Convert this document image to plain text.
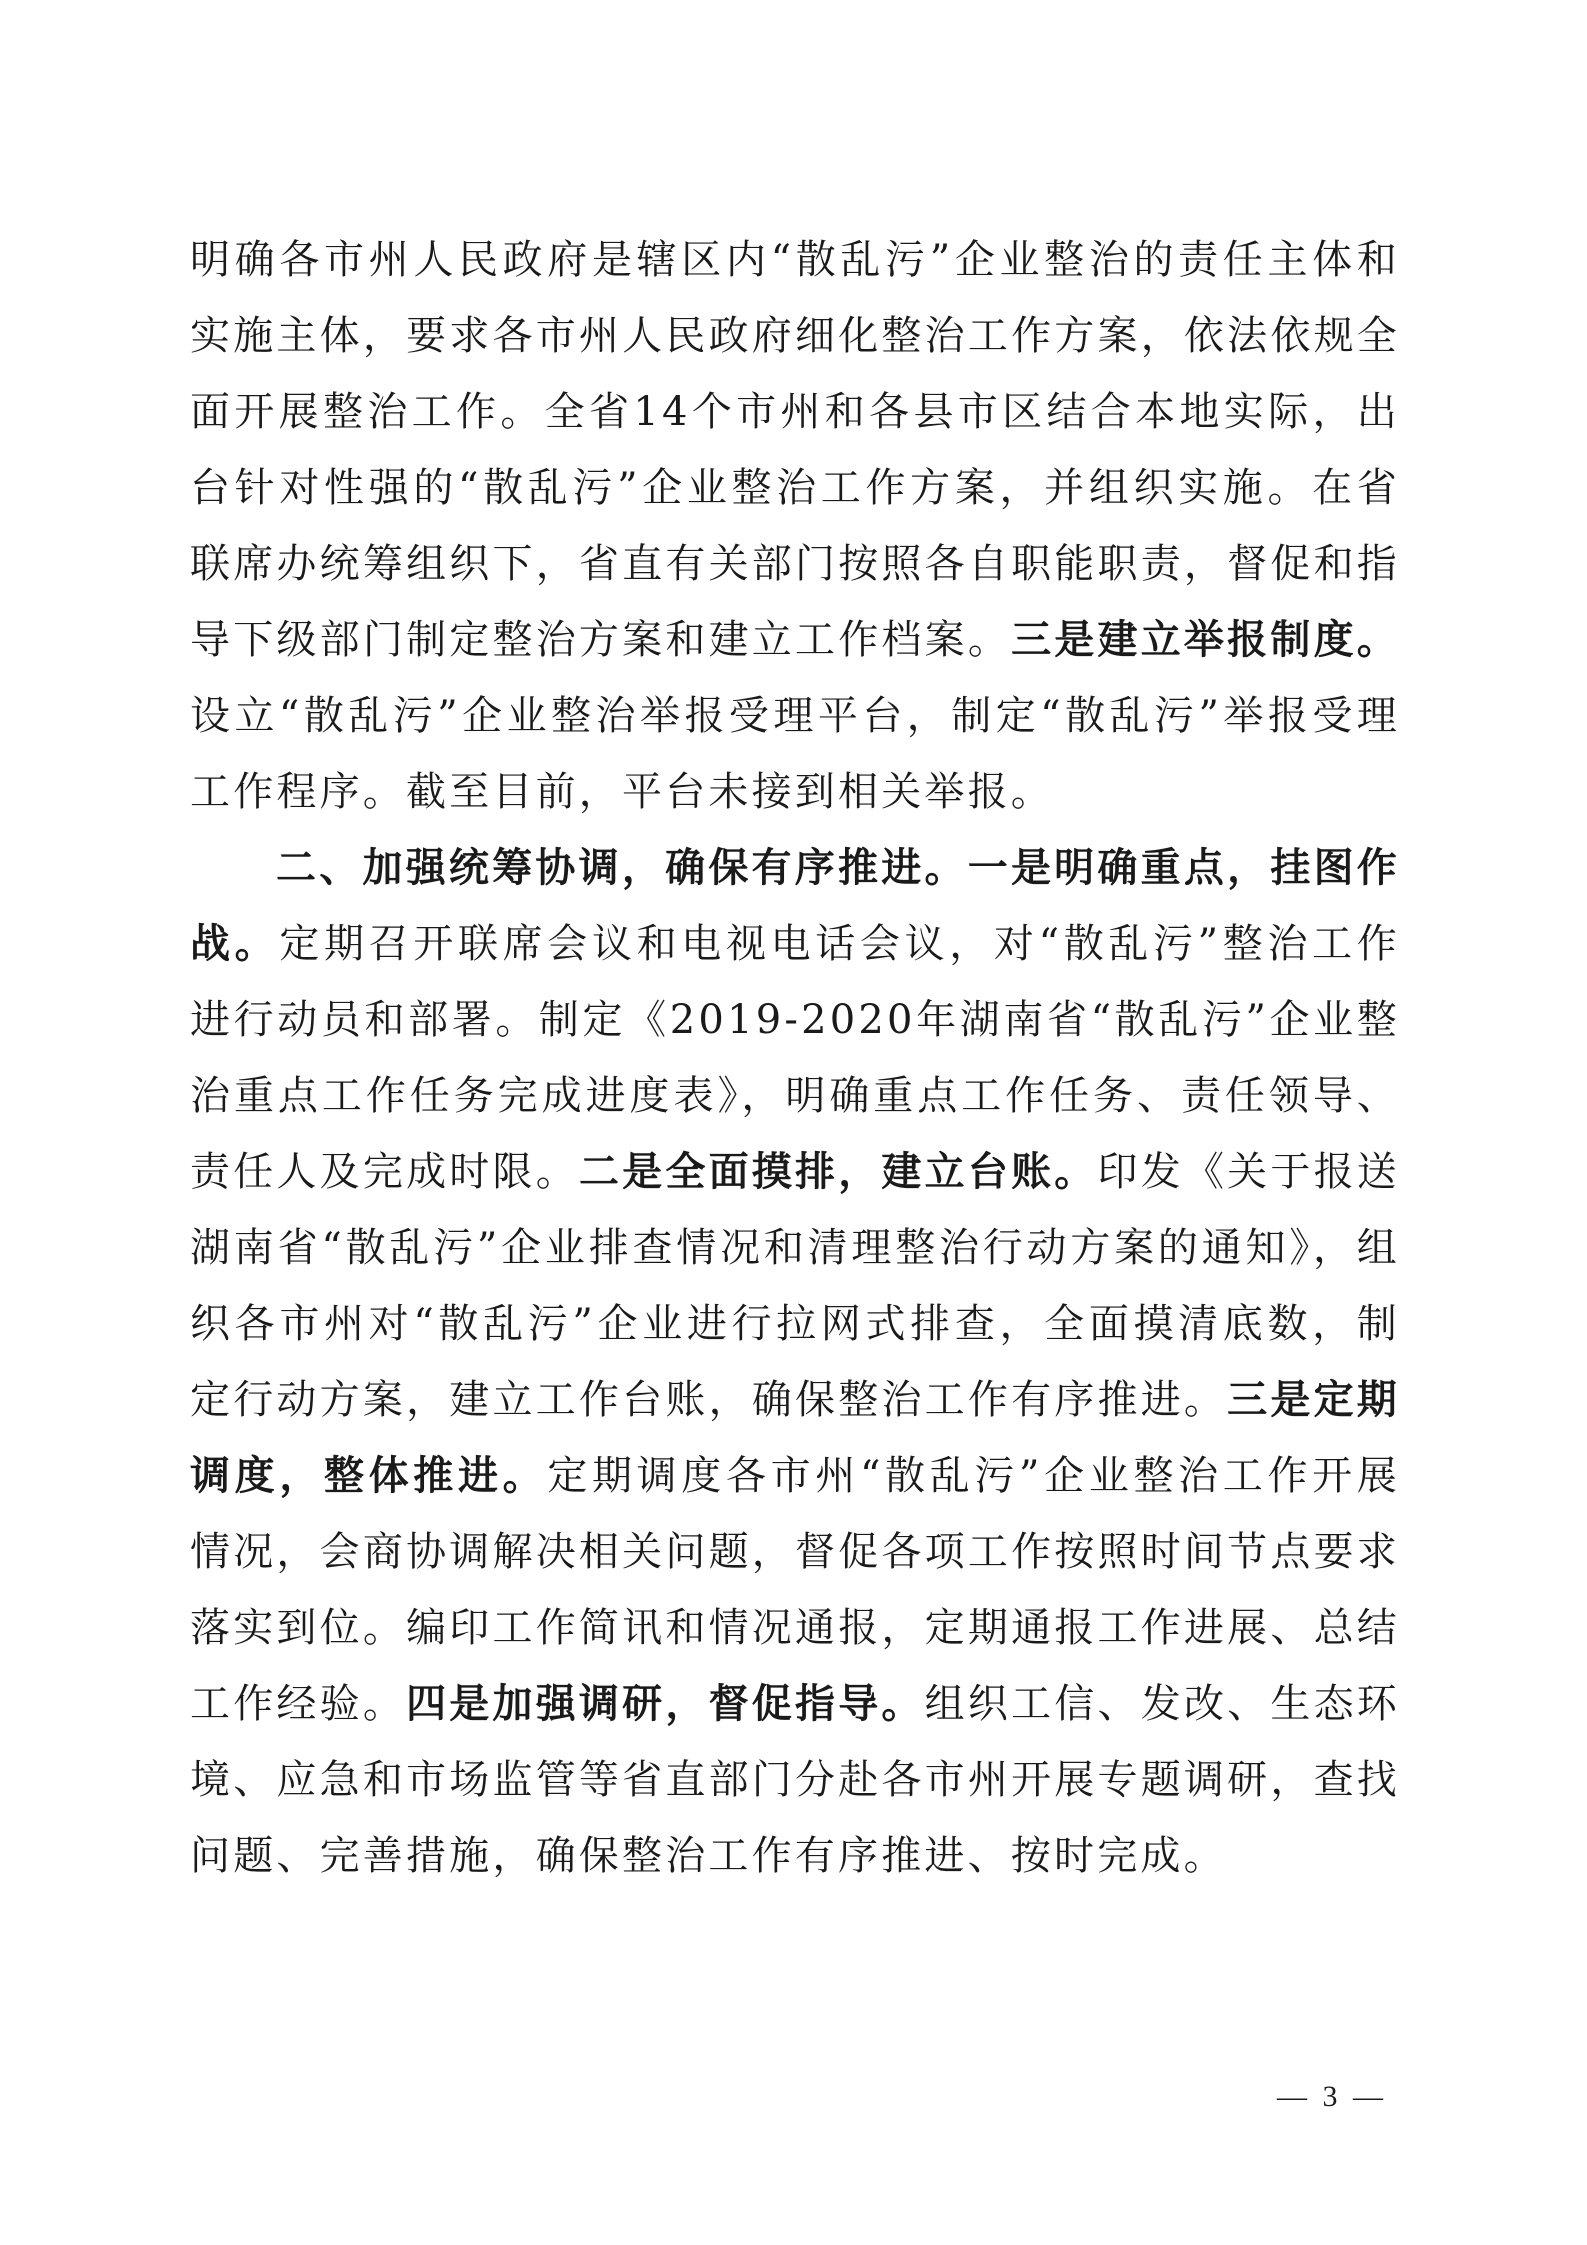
明确各市州人民政府是辖区内“散乱污”企业整治的责任主体和实施主体，要求各市州人民政府细化整治工作方案，依法依规全面开展整治工作。全省14个市州和各县市区结合本地实际，出台针对性强的“散乱污”企业整治工作方案，并组织实施。在省联席办统筹组织下，省直有关部门按照各自职能职责，督促和指导下级部门制定整治方案和建立工作档案。三是建立举报制度。设立“散乱污”企业整治举报受理平台，制定“散乱污”举报受理工作程序。截至目前，平台未接到相关举报。

二、加强统筹协调，确保有序推进。一是明确重点，挂图作战。定期召开联席会议和电视电话会议，对“散乱污”整治工作进行动员和部署。制定《2019-2020年湖南省“散乱污”企业整治重点工作任务完成进度表》，明确重点工作任务、责任领导、责任人及完成时限。二是全面摸排，建立台账。印发《关于报送湖南省“散乱污”企业排查情况和清理整治行动方案的通知》，组织各市州对“散乱污”企业进行拉网式排查，全面摸清底数，制定行动方案，建立工作台账，确保整治工作有序推进。三是定期调度，整体推进。定期调度各市州“散乱污”企业整治工作开展情况，会商协调解决相关问题，督促各项工作按照时间节点要求落实到位。编印工作简讯和情况通报，定期通报工作进展、总结工作经验。四是加强调研，督促指导。组织工信、发改、生态环境、应急和市场监管等省直部门分赴各市州开展专题调研，查找问题、完善措施，确保整治工作有序推进、按时完成。

— 3 —
